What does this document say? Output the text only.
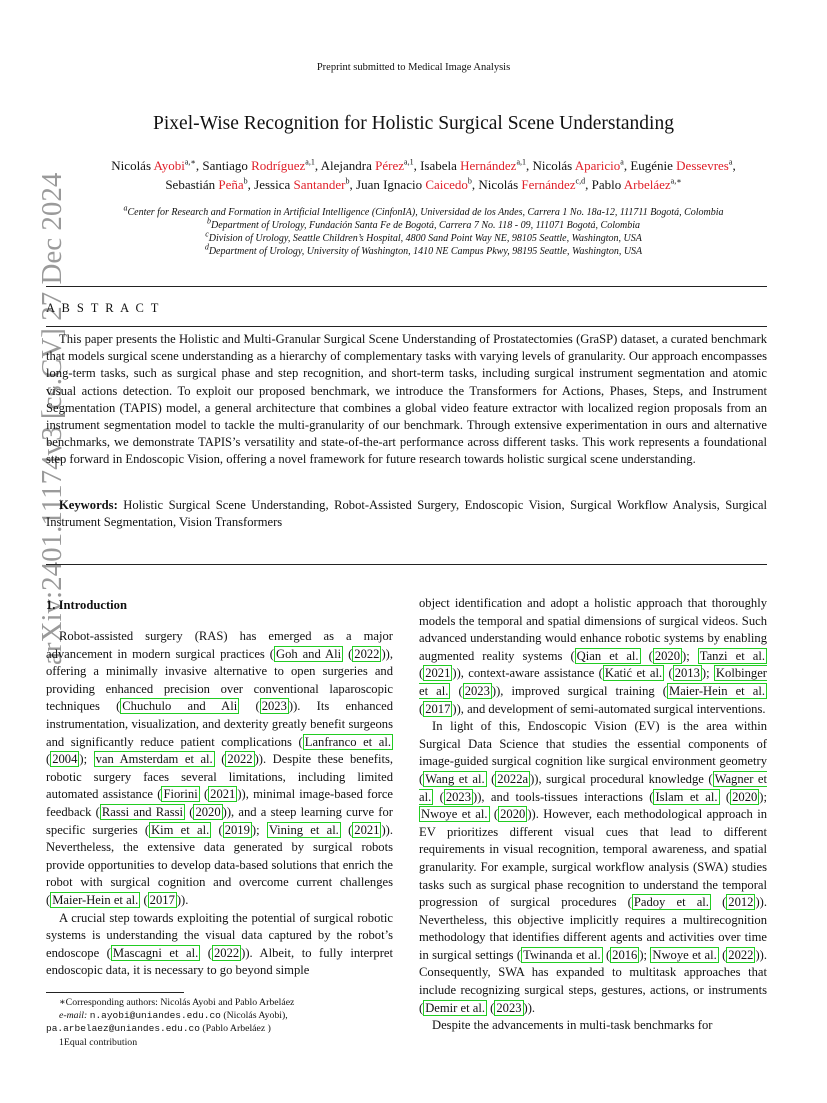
Preprint submitted to Medical Image Analysis
arXiv:2401.11174v3 [cs.CV] 27 Dec 2024
Pixel-Wise Recognition for Holistic Surgical Scene Understanding
Nicolás Ayobi$^{a,∗}$, Santiago Rodríguez$^{a,1}$, Alejandra Pérez$^{a,1}$, Isabela Hernández$^{a,1}$, Nicolás Aparicio$^a$, Eugénie Dessevres$^a$,
Sebastián Peña$^b$, Jessica Santander$^b$, Juan Ignacio Caicedo$^b$, Nicolás Fernández$^{c,d}$, Pablo Arbeláez$^{a,∗}$
$^a$Center for Research and Formation in Artificial Intelligence (CinfonIA), Universidad de los Andes, Carrera 1 No. 18a-12, 111711 Bogotá, Colombia
$^b$Department of Urology, Fundación Santa Fe de Bogotá, Carrera 7 No. 118 - 09, 111071 Bogotá, Colombia
$^c$Division of Urology, Seattle Children’s Hospital, 4800 Sand Point Way NE, 98105 Seattle, Washington, USA
$^d$Department of Urology, University of Washington, 1410 NE Campus Pkwy, 98195 Seattle, Washington, USA
A B S T R A C T
This paper presents the Holistic and Multi-Granular Surgical Scene Understanding of Prostatectomies (GraSP) dataset, a curated benchmark that models surgical scene understanding as a hierarchy of complementary tasks with varying levels of granularity. Our approach encompasses long-term tasks, such as surgical phase and step recognition, and short-term tasks, including surgical instrument segmentation and atomic visual actions detection. To exploit our proposed benchmark, we introduce the Transformers for Actions, Phases, Steps, and Instrument Segmentation (TAPIS) model, a general architecture that combines a global video feature extractor with localized region proposals from an instrument segmentation model to tackle the multi-granularity of our benchmark. Through extensive experimentation in ours and alternative benchmarks, we demonstrate TAPIS’s versatility and state-of-the-art performance across different tasks. This work represents a foundational step forward in Endoscopic Vision, offering a novel framework for future research towards holistic surgical scene understanding.
Keywords: Holistic Surgical Scene Understanding, Robot-Assisted Surgery, Endoscopic Vision, Surgical Workflow Analysis, Surgical Instrument Segmentation, Vision Transformers
1. Introduction

Robot-assisted surgery (RAS) has emerged as a major advancement in modern surgical practices ( Goh and Ali ( 2022 )), offering a minimally invasive alternative to open surgeries and providing enhanced precision over conventional laparoscopic techniques ( Chuchulo and Ali ( 2023 )). Its enhanced instrumentation, visualization, and dexterity greatly benefit surgeons and significantly reduce patient complications ( Lanfranco et al. ( 2004 ); van Amsterdam et al. ( 2022 )). Despite these benefits, robotic surgery faces several limitations, including limited automated assistance ( Fiorini ( 2021 )), minimal image-based force feedback ( Rassi and Rassi ( 2020 )), and a steep learning curve for specific surgeries ( Kim et al. ( 2019 ); Vining et al. ( 2021 )). Nevertheless, the extensive data generated by surgical robots provide opportunities to develop data-based solutions that enrich the robot with surgical cognition and overcome current challenges ( Maier-Hein et al. ( 2017 )).

A crucial step towards exploiting the potential of surgical robotic systems is understanding the visual data captured by the robot’s endoscope ( Mascagni et al. ( 2022 )). Albeit, to fully interpret endoscopic data, it is necessary to go beyond simple

object identification and adopt a holistic approach that thoroughly models the temporal and spatial dimensions of surgical videos. Such advanced understanding would enhance robotic systems by enabling augmented reality systems ( Qian et al. ( 2020 ); Tanzi et al. ( 2021 )), context-aware assistance ( Katić et al. ( 2013 ); Kolbinger et al. ( 2023 )), improved surgical training ( Maier-Hein et al. ( 2017 )), and development of semi-automated surgical interventions.

In light of this, Endoscopic Vision (EV) is the area within Surgical Data Science that studies the essential components of image-guided surgical cognition like surgical environment geometry ( Wang et al. ( 2022a )), surgical procedural knowledge ( Wagner et al. ( 2023 )), and tools-tissues interactions ( Islam et al. ( 2020 ); Nwoye et al. ( 2020 )). However, each methodological approach in EV prioritizes different visual cues that lead to different requirements in visual recognition, temporal awareness, and spatial granularity. For example, surgical workflow analysis (SWA) studies tasks such as surgical phase recognition to understand the temporal progression of surgical procedures ( Padoy et al. ( 2012 )). Nevertheless, this objective implicitly requires a multirecognition methodology that identifies different agents and activities over time in surgical settings ( Twinanda et al. ( 2016 ); Nwoye et al. ( 2022 )). Consequently, SWA has expanded to multitask approaches that include recognizing surgical steps, gestures, actions, or instruments ( Demir et al. ( 2023 )).

Despite the advancements in multi-task benchmarks for

∗Corresponding authors: Nicolás Ayobi and Pablo Arbeláez
e-mail: n.ayobi@uniandes.edu.co (Nicolás Ayobi),
pa.arbelaez@uniandes.edu.co (Pablo Arbeláez )
1Equal contribution
